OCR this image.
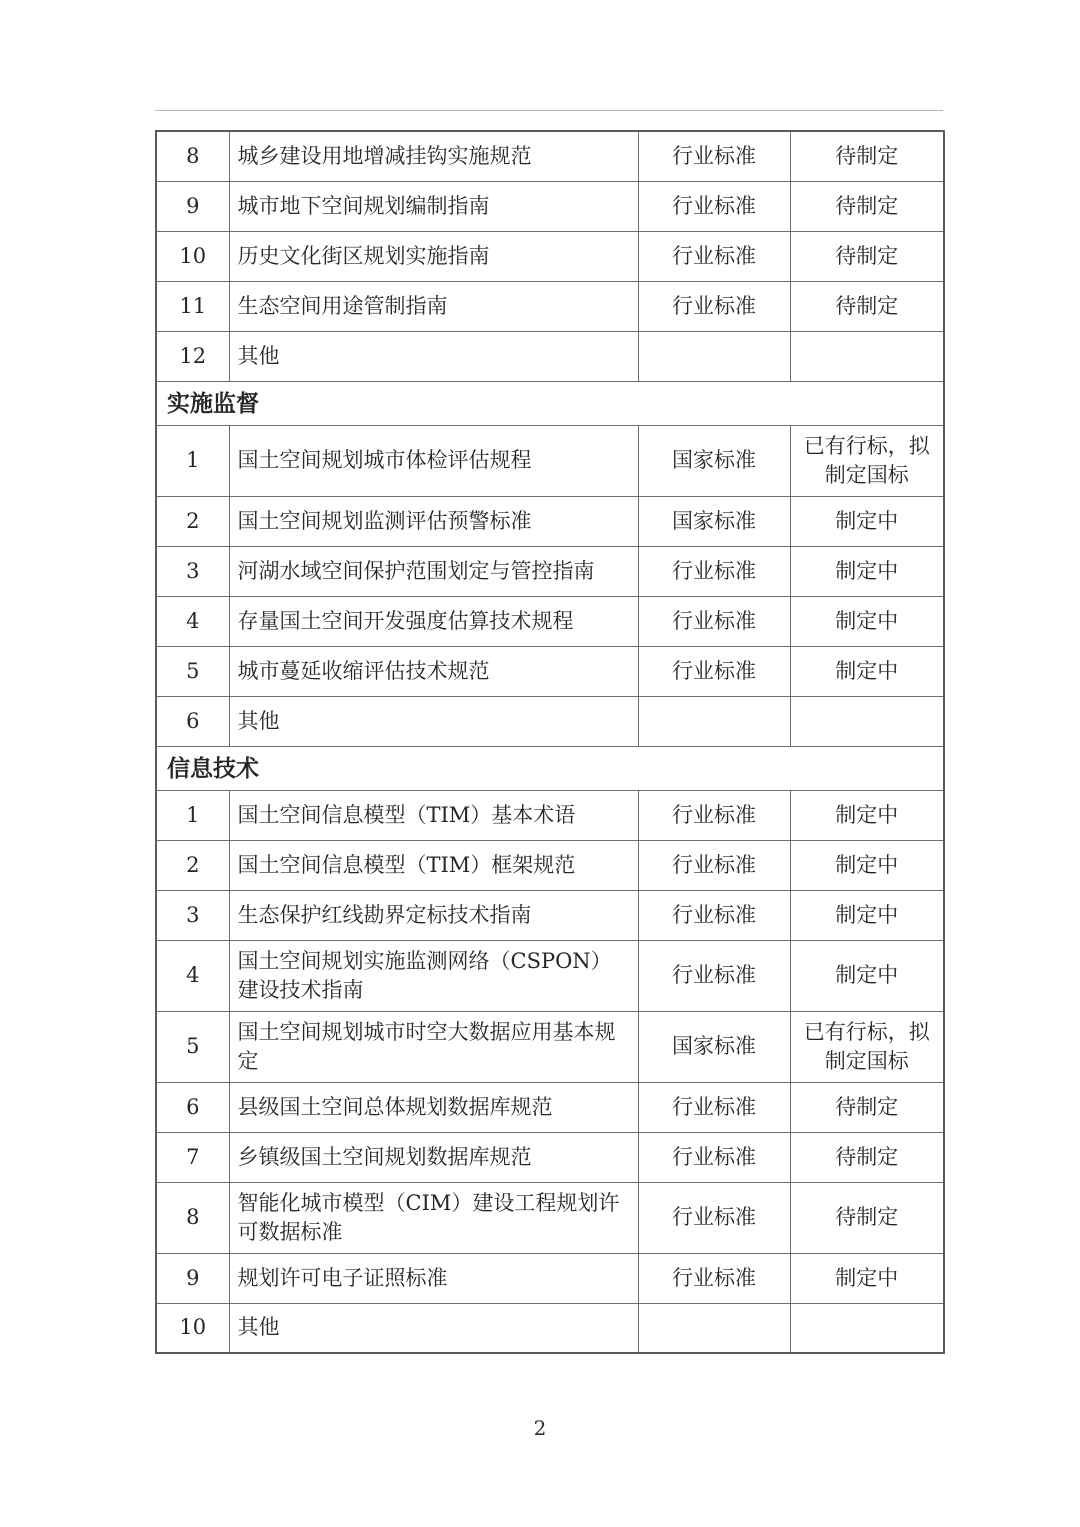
8	城乡建设用地增减挂钩实施规范	行业标准	待制定
9	城市地下空间规划编制指南	行业标准	待制定
10	历史文化街区规划实施指南	行业标准	待制定
11	生态空间用途管制指南	行业标准	待制定
12	其他		
实施监督			
1	国土空间规划城市体检评估规程	国家标准	已有行标，拟制定国标
2	国土空间规划监测评估预警标准	国家标准	制定中
3	河湖水域空间保护范围划定与管控指南	行业标准	制定中
4	存量国土空间开发强度估算技术规程	行业标准	制定中
5	城市蔓延收缩评估技术规范	行业标准	制定中
6	其他		
信息技术			
1	国土空间信息模型（TIM）基本术语	行业标准	制定中
2	国土空间信息模型（TIM）框架规范	行业标准	制定中
3	生态保护红线勘界定标技术指南	行业标准	制定中
4	国土空间规划实施监测网络（CSPON）建设技术指南	行业标准	制定中
5	国土空间规划城市时空大数据应用基本规定	国家标准	已有行标，拟制定国标
6	县级国土空间总体规划数据库规范	行业标准	待制定
7	乡镇级国土空间规划数据库规范	行业标准	待制定
8	智能化城市模型（CIM）建设工程规划许可数据标准	行业标准	待制定
9	规划许可电子证照标准	行业标准	制定中
10	其他		
2
